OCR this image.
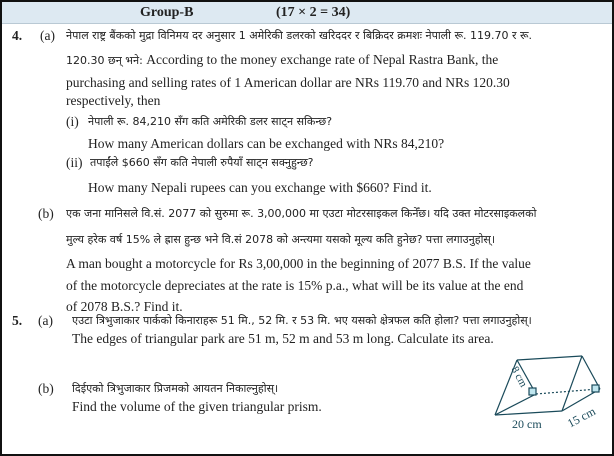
Group-B	(17 × 2 = 34)
4. (a) नेपाल राष्ट्र बैंकको मुद्रा विनिमय दर अनुसार 1 अमेरिकी डलरको खरिददर र बिक्रिदर क्रमशः नेपाली रू. 119.70 र रू.
120.30 छन् भने: According to the money exchange rate of Nepal Rastra Bank, the
purchasing and selling rates of 1 American dollar are NRs 119.70 and NRs 120.30
respectively, then
(i) नेपाली रू. 84,210 सँग कति अमेरिकी डलर साट्न सकिन्छ?
How many American dollars can be exchanged with NRs 84,210?
(ii) तपाईंले $660 सँग कति नेपाली रुपैयाँ साट्न सक्नुहुन्छ?
How many Nepali rupees can you exchange with $660? Find it.
(b) एक जना मानिसले वि.सं. 2077 को सुरुमा रू. 3,00,000 मा एउटा मोटरसाइकल किनेँछ। यदि उक्त मोटरसाइकलको
मुल्य हरेक वर्ष 15% ले ह्रास हुन्छ भने वि.सं 2078 को अन्त्यमा यसको मूल्य कति हुनेछ? पत्ता लगाउनुहोस्।
A man bought a motorcycle for Rs 3,00,000 in the beginning of 2077 B.S. If the value
of the motorcycle depreciates at the rate is 15% p.a., what will be its value at the end
of 2078 B.S.? Find it.
5. (a) एउटा त्रिभुजाकार पार्कको किनाराहरू 51 मि., 52 मि. र 53 मि. भए यसको क्षेत्रफल कति होला? पत्ता लगाउनुहोस्।
The edges of triangular park are 51 m, 52 m and 53 m long. Calculate its area.
(b) दिईएको त्रिभुजाकार प्रिजमको आयतन निकाल्नुहोस्।
Find the volume of the given triangular prism.
8 cm
20 cm 15 cm
